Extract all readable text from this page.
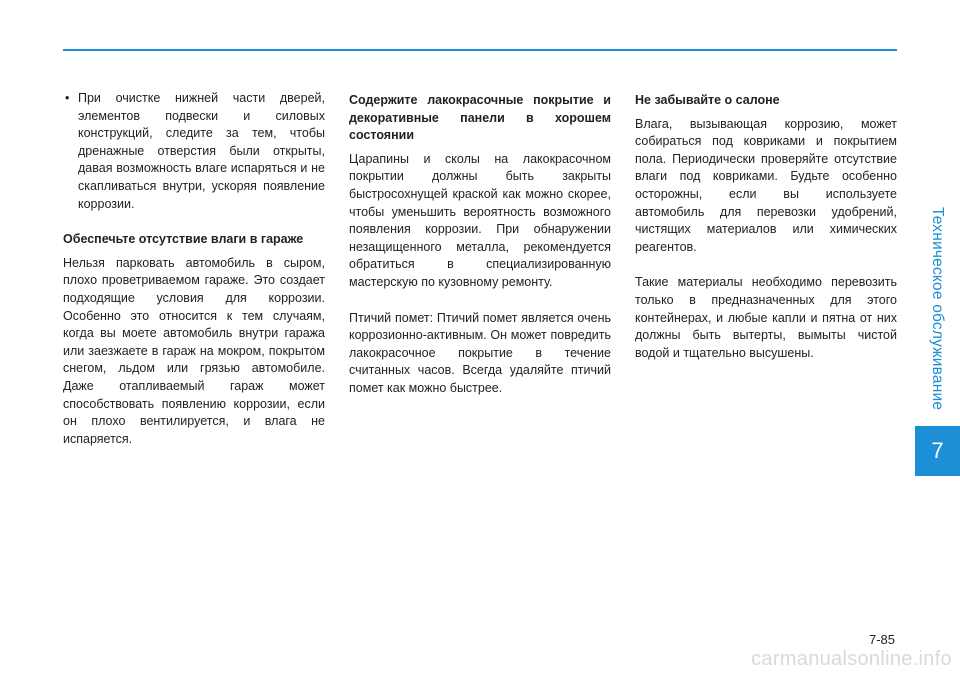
• При очистке нижней части дверей, элементов подвески и силовых конструкций, следите за тем, чтобы дренажные отверстия были открыты, давая возможность влаге испаряться и не скапливаться внутри, ускоряя появление коррозии.
Обеспечьте отсутствие влаги в гараже

Нельзя парковать автомобиль в сыром, плохо проветриваемом гараже. Это создает подходящие условия для коррозии. Особенно это относится к тем случаям, когда вы моете автомобиль внутри гаража или заезжаете в гараж на мокром, покрытом снегом, льдом или грязью автомобиле. Даже отапливаемый гараж может способствовать появлению коррозии, если он плохо вентилируется, и влага не испаряется.

Содержите лакокрасочные покрытие и декоративные панели в хорошем состоянии

Царапины и сколы на лакокрасочном покрытии должны быть закрыты быстросохнущей краской как можно скорее, чтобы уменьшить вероятность возможного появления коррозии. При обнаружении незащищенного металла, рекомендуется обратиться в специализированную мастерскую по кузовному ремонту.

Птичий помет: Птичий помет является очень коррозионно-активным. Он может повредить лакокрасочное покрытие в течение считанных часов. Всегда удаляйте птичий помет как можно быстрее.

Не забывайте о салоне

Влага, вызывающая коррозию, может собираться под ковриками и покрытием пола. Периодически проверяйте отсутствие влаги под ковриками. Будьте особенно осторожны, если вы используете автомобиль для перевозки удобрений, чистящих материалов или химических реагентов.

Такие материалы необходимо перевозить только в предназначенных для этого контейнерах, и любые капли и пятна от них должны быть вытерты, вымыты чистой водой и тщательно высушены.	Техническое обслуживание
7
7-85
carmanualsonline.info
